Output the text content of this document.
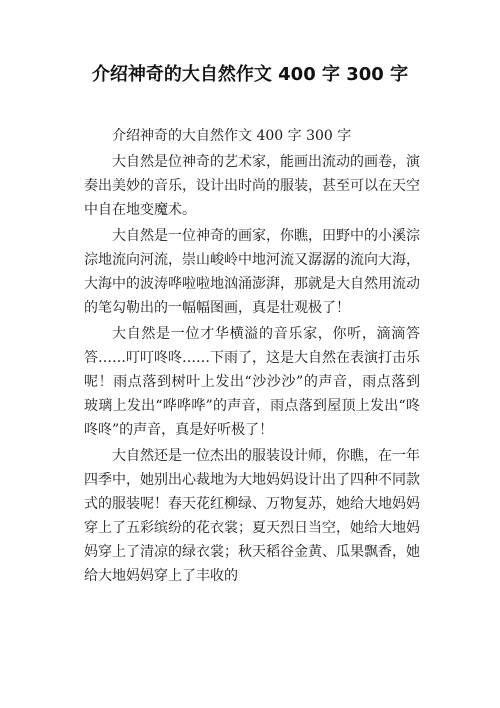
介绍神奇的大自然作文 400 字 300 字

介绍神奇的大自然作文 400 字 300 字

大自然是位神奇的艺术家，能画出流动的画卷，演奏出美妙的音乐，设计出时尚的服装，甚至可以在天空中自在地变魔术。

大自然是一位神奇的画家，你瞧，田野中的小溪淙淙地流向河流，崇山峻岭中地河流又潺潺的流向大海，大海中的波涛哗啦啦地汹涌澎湃，那就是大自然用流动的笔勾勒出的一幅幅图画，真是壮观极了！

大自然是一位才华横溢的音乐家，你听，滴滴答答……叮叮咚咚……下雨了，这是大自然在表演打击乐呢！雨点落到树叶上发出“沙沙沙”的声音，雨点落到玻璃上发出“哗哗哗”的声音，雨点落到屋顶上发出“咚咚咚”的声音，真是好听极了！

大自然还是一位杰出的服装设计师，你瞧，在一年四季中，她别出心裁地为大地妈妈设计出了四种不同款式的服装呢！春天花红柳绿、万物复苏，她给大地妈妈穿上了五彩缤纷的花衣裳；夏天烈日当空，她给大地妈妈穿上了清凉的绿衣裳；秋天稻谷金黄、瓜果飘香，她给大地妈妈穿上了丰收的
